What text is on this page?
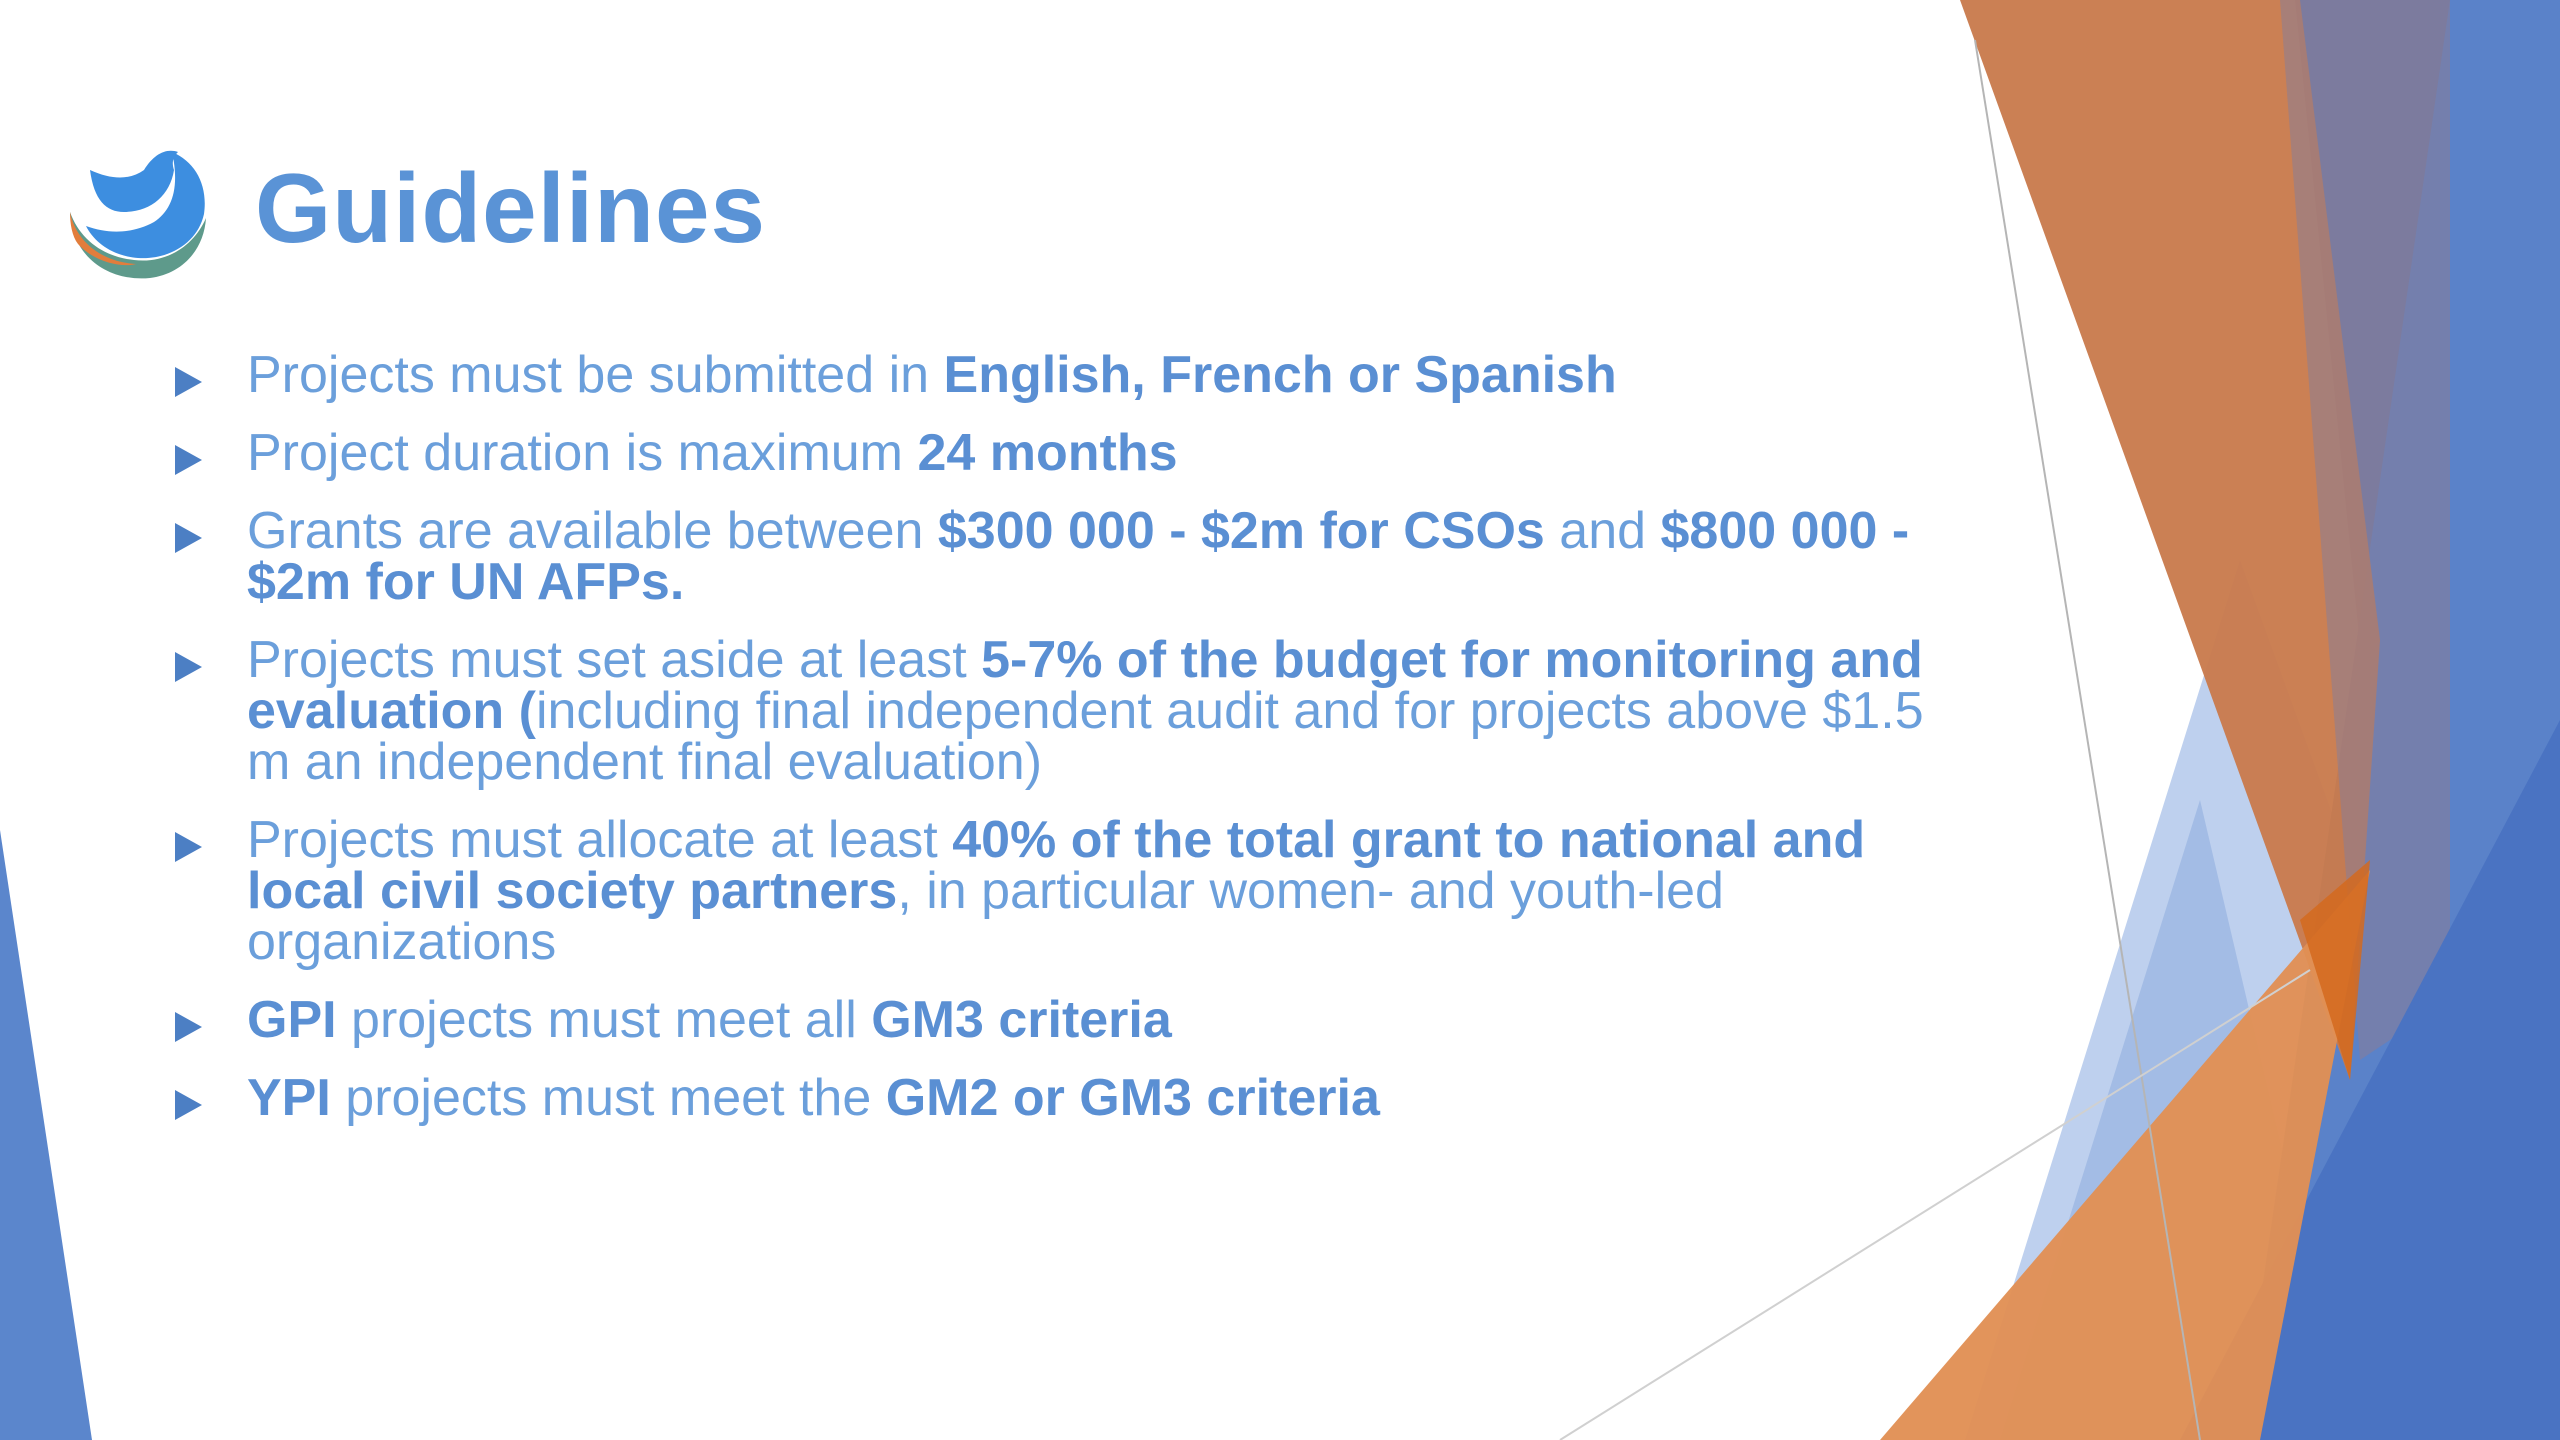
Guidelines
Projects must be submitted in English, French or Spanish
Project duration is maximum 24 months
Grants are available between $300 000 - $2m for CSOs and $800 000 - $2m for UN AFPs.
Projects must set aside at least 5-7% of the budget for monitoring and evaluation (including final independent audit and for projects above $1.5 m an independent final evaluation)
Projects must allocate at least 40% of the total grant to national and local civil society partners, in particular women- and youth-led organizations
GPI projects must meet all GM3 criteria
YPI projects must meet the GM2 or GM3 criteria
